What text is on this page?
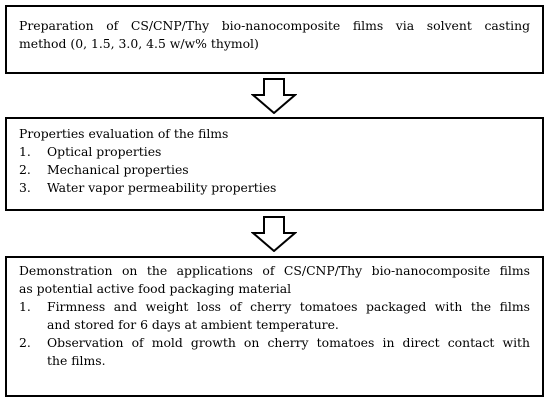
Preparation of CS/CNP/Thy bio-nanocomposite films via solvent casting
method (0, 1.5, 3.0, 4.5 w/w% thymol)
Properties evaluation of the films
1.	Optical properties
2.	Mechanical properties
3.	Water vapor permeability properties
Demonstration on the applications of CS/CNP/Thy bio-nanocomposite films
as potential active food packaging material
1.	Firmness and weight loss of cherry tomatoes packaged with the films
and stored for 6 days at ambient temperature.
2.	Observation of mold growth on cherry tomatoes in direct contact with
the films.
